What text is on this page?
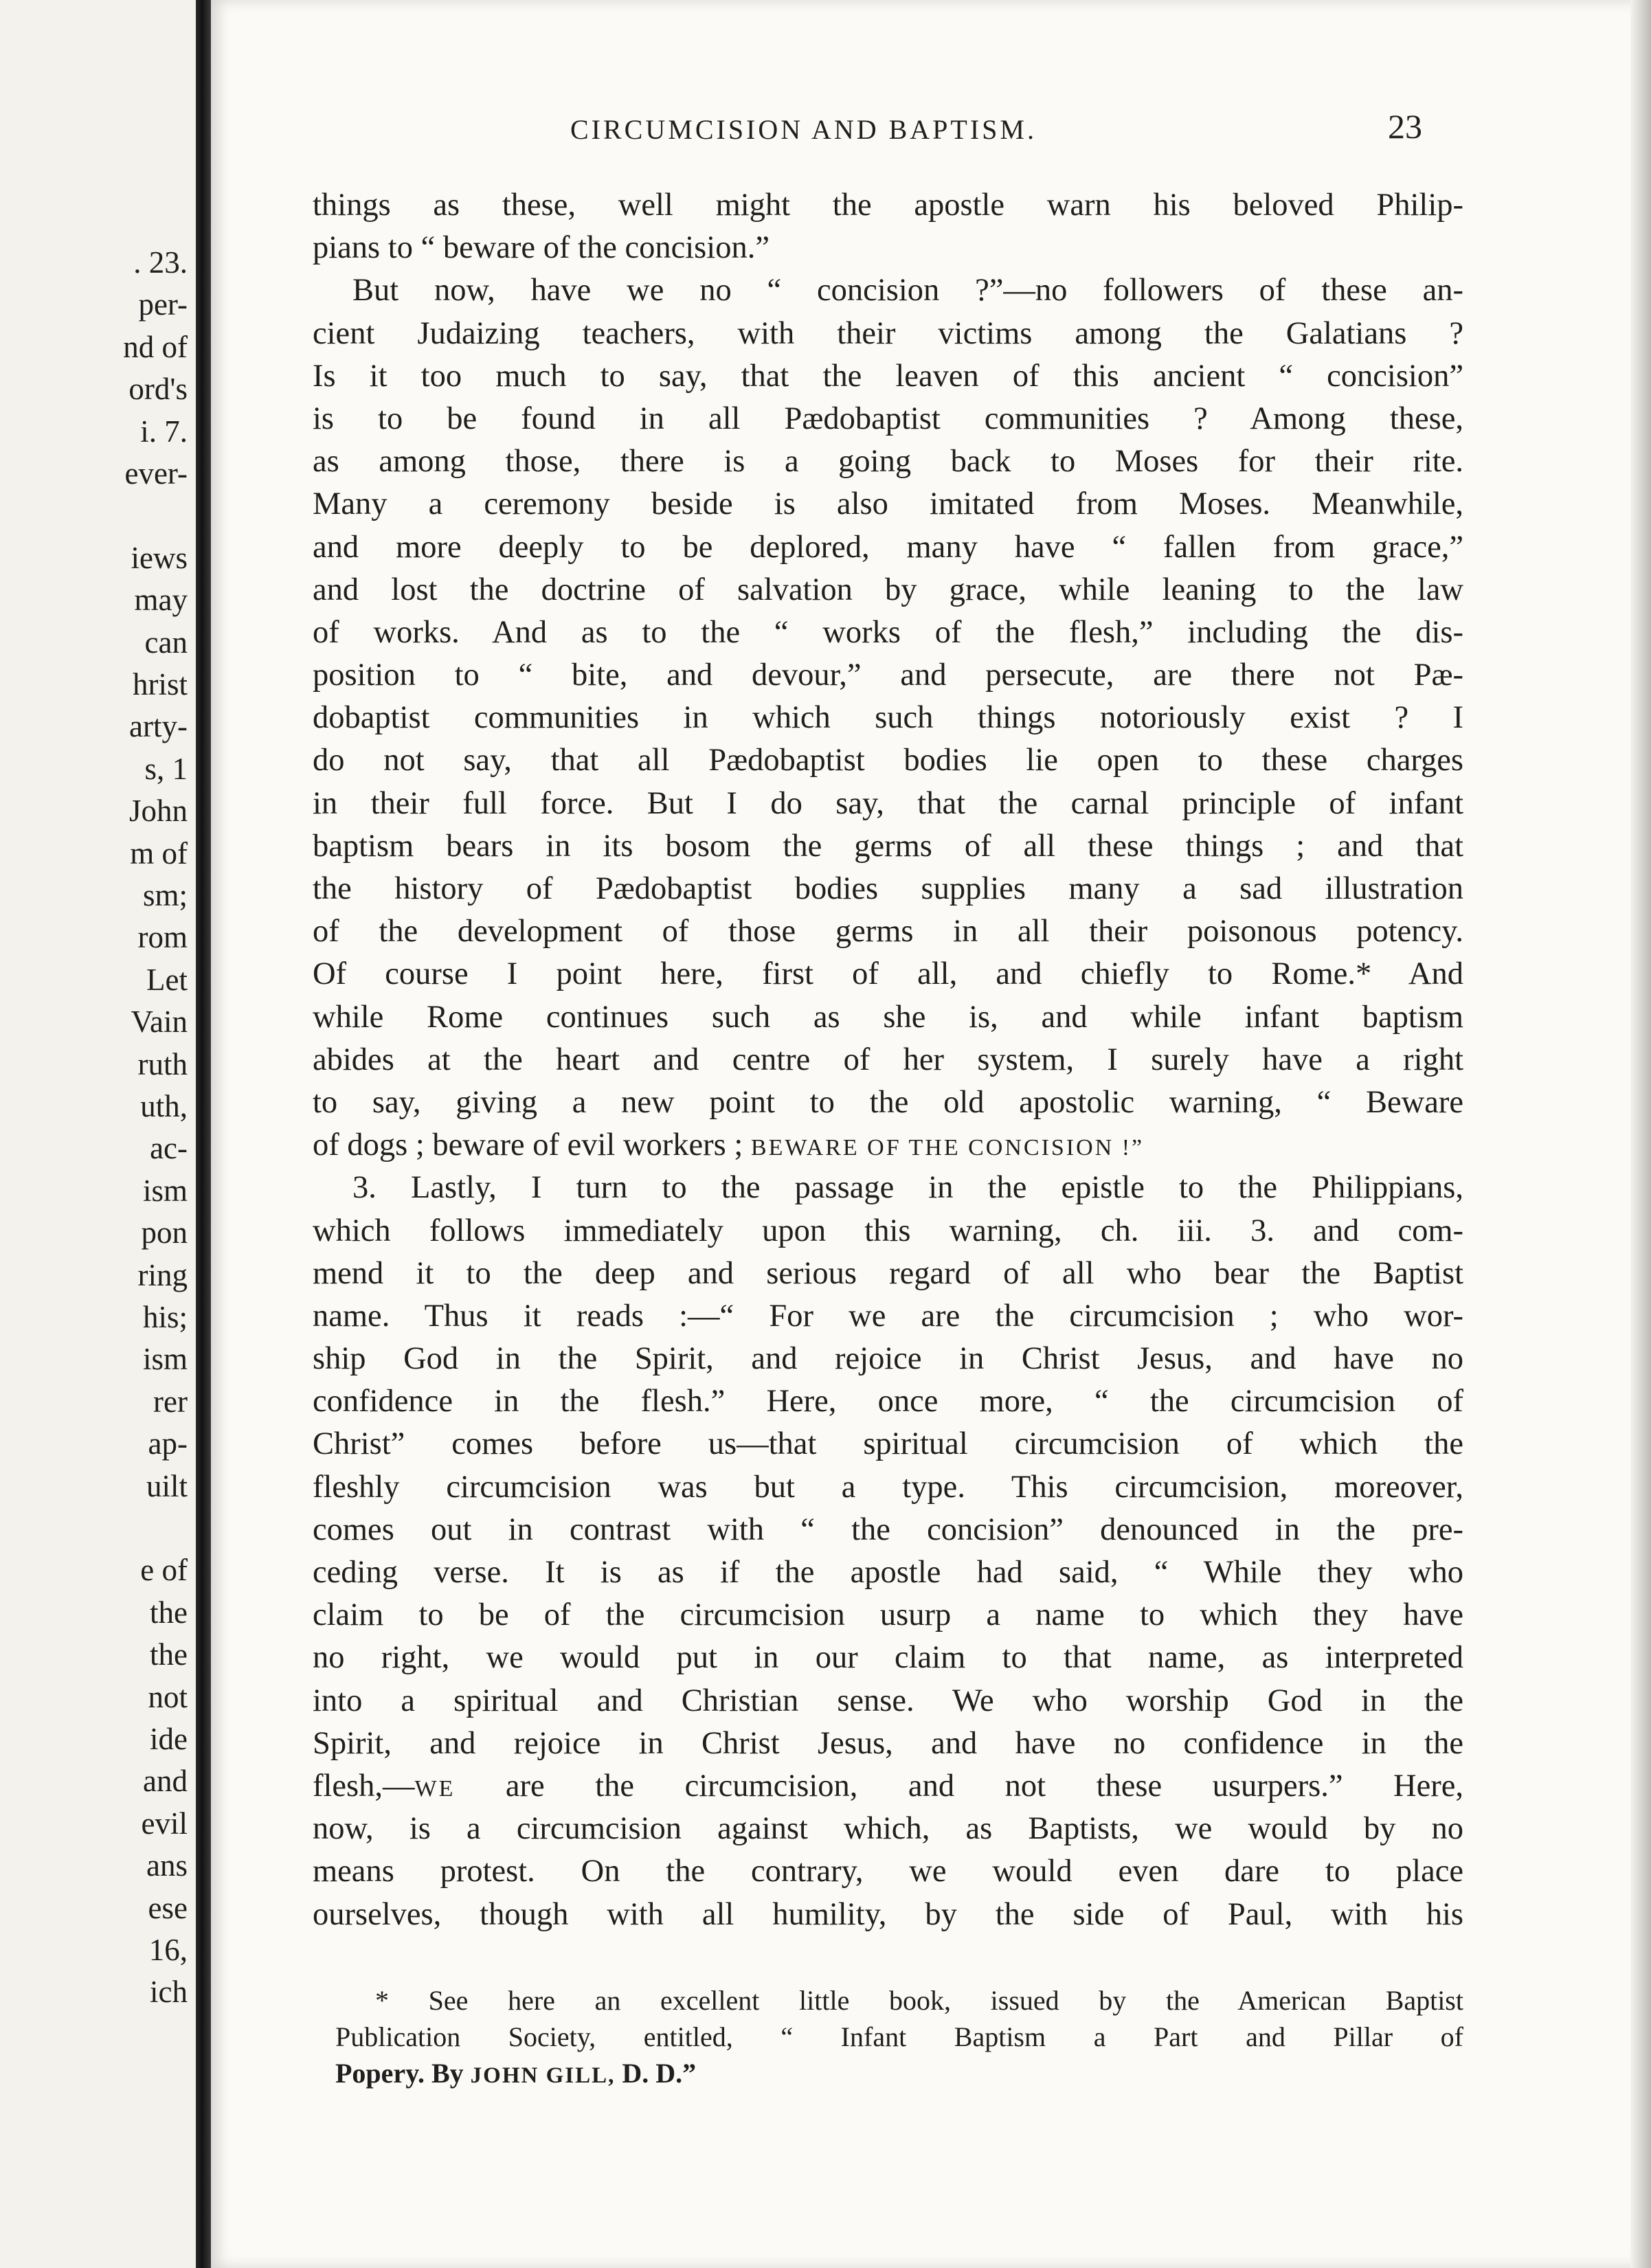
. 23.
per-
nd of
ord's
i. 7.
ever-
iews
may
can
hrist
arty-
s, 1
John
m of
sm;
rom
Let
Vain
ruth
uth,
ac-
ism
pon
ring
his;
ism
rer
ap-
uilt
e of
the
the
not
ide
and
evil
ans
ese
16,
ich
CIRCUMCISION AND BAPTISM.	23
things as these, well might the apostle warn his beloved Philip-
pians to “ beware of the concision.”
But now, have we no “ concision ?”—no followers of these an-
cient Judaizing teachers, with their victims among the Galatians ?
Is it too much to say, that the leaven of this ancient “ concision”
is to be found in all Pædobaptist communities ? Among these,
as among those, there is a going back to Moses for their rite.
Many a ceremony beside is also imitated from Moses. Meanwhile,
and more deeply to be deplored, many have “ fallen from grace,”
and lost the doctrine of salvation by grace, while leaning to the law
of works. And as to the “ works of the flesh,” including the dis-
position to “ bite, and devour,” and persecute, are there not Pæ-
dobaptist communities in which such things notoriously exist ? I
do not say, that all Pædobaptist bodies lie open to these charges
in their full force. But I do say, that the carnal principle of infant
baptism bears in its bosom the germs of all these things ; and that
the history of Pædobaptist bodies supplies many a sad illustration
of the development of those germs in all their poisonous potency.
Of course I point here, first of all, and chiefly to Rome.* And
while Rome continues such as she is, and while infant baptism
abides at the heart and centre of her system, I surely have a right
to say, giving a new point to the old apostolic warning, “ Beware
of dogs ; beware of evil workers ; BEWARE OF THE CONCISION !”
3. Lastly, I turn to the passage in the epistle to the Philippians,
which follows immediately upon this warning, ch. iii. 3. and com-
mend it to the deep and serious regard of all who bear the Baptist
name. Thus it reads :—“ For we are the circumcision ; who wor-
ship God in the Spirit, and rejoice in Christ Jesus, and have no
confidence in the flesh.” Here, once more, “ the circumcision of
Christ” comes before us—that spiritual circumcision of which the
fleshly circumcision was but a type. This circumcision, moreover,
comes out in contrast with “ the concision” denounced in the pre-
ceding verse. It is as if the apostle had said, “ While they who
claim to be of the circumcision usurp a name to which they have
no right, we would put in our claim to that name, as interpreted
into a spiritual and Christian sense. We who worship God in the
Spirit, and rejoice in Christ Jesus, and have no confidence in the
flesh,—WE are the circumcision, and not these usurpers.” Here,
now, is a circumcision against which, as Baptists, we would by no
means protest. On the contrary, we would even dare to place
ourselves, though with all humility, by the side of Paul, with his
* See here an excellent little book, issued by the American Baptist
Publication Society, entitled, “ Infant Baptism a Part and Pillar of
Popery. By JOHN GILL, D. D.”
